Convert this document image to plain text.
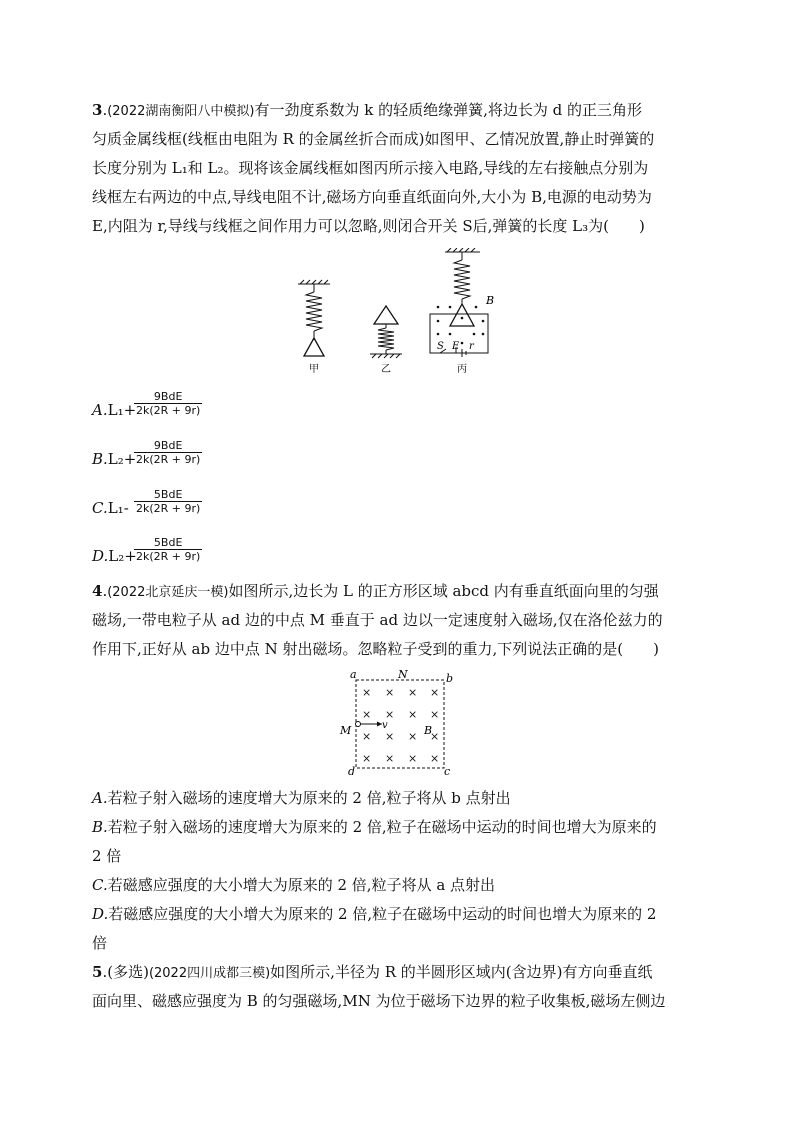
3.(2022湖南衡阳八中模拟)有一劲度系数为 k 的轻质绝缘弹簧,将边长为 d 的正三角形
匀质金属线框(线框由电阻为 R 的金属丝折合而成)如图甲、乙情况放置,静止时弹簧的
长度分别为 L₁和 L₂。现将该金属线框如图丙所示接入电路,导线的左右接触点分别为
线框左右两边的中点,导线电阻不计,磁场方向垂直纸面向外,大小为 B,电源的电动势为
E,内阻为 r,导线与线框之间作用力可以忽略,则闭合开关 S后,弹簧的长度 L₃为(　　)
B
S E r
甲	乙	丙
A.L₁+
9BdE
2k(2R + 9r)
B.L₂+
9BdE
2k(2R + 9r)
C.L₁-
5BdE
2k(2R + 9r)
D.L₂+
5BdE
2k(2R + 9r)
4.(2022北京延庆一模)如图所示,边长为 L 的正方形区域 abcd 内有垂直纸面向里的匀强
磁场,一带电粒子从 ad 边的中点 M 垂直于 ad 边以一定速度射入磁场,仅在洛伦兹力的
作用下,正好从 ab 边中点 N 射出磁场。忽略粒子受到的重力,下列说法正确的是(　　)
× × × ×
× × × ×
× × × ×
× × × ×
v
a	b
c
d
M
N
B
A.若粒子射入磁场的速度增大为原来的 2 倍,粒子将从 b 点射出
B.若粒子射入磁场的速度增大为原来的 2 倍,粒子在磁场中运动的时间也增大为原来的
2 倍
C.若磁感应强度的大小增大为原来的 2 倍,粒子将从 a 点射出
D.若磁感应强度的大小增大为原来的 2 倍,粒子在磁场中运动的时间也增大为原来的 2
倍
5.(多选)(2022四川成都三模)如图所示,半径为 R 的半圆形区域内(含边界)有方向垂直纸
面向里、磁感应强度为 B 的匀强磁场,MN 为位于磁场下边界的粒子收集板,磁场左侧边
